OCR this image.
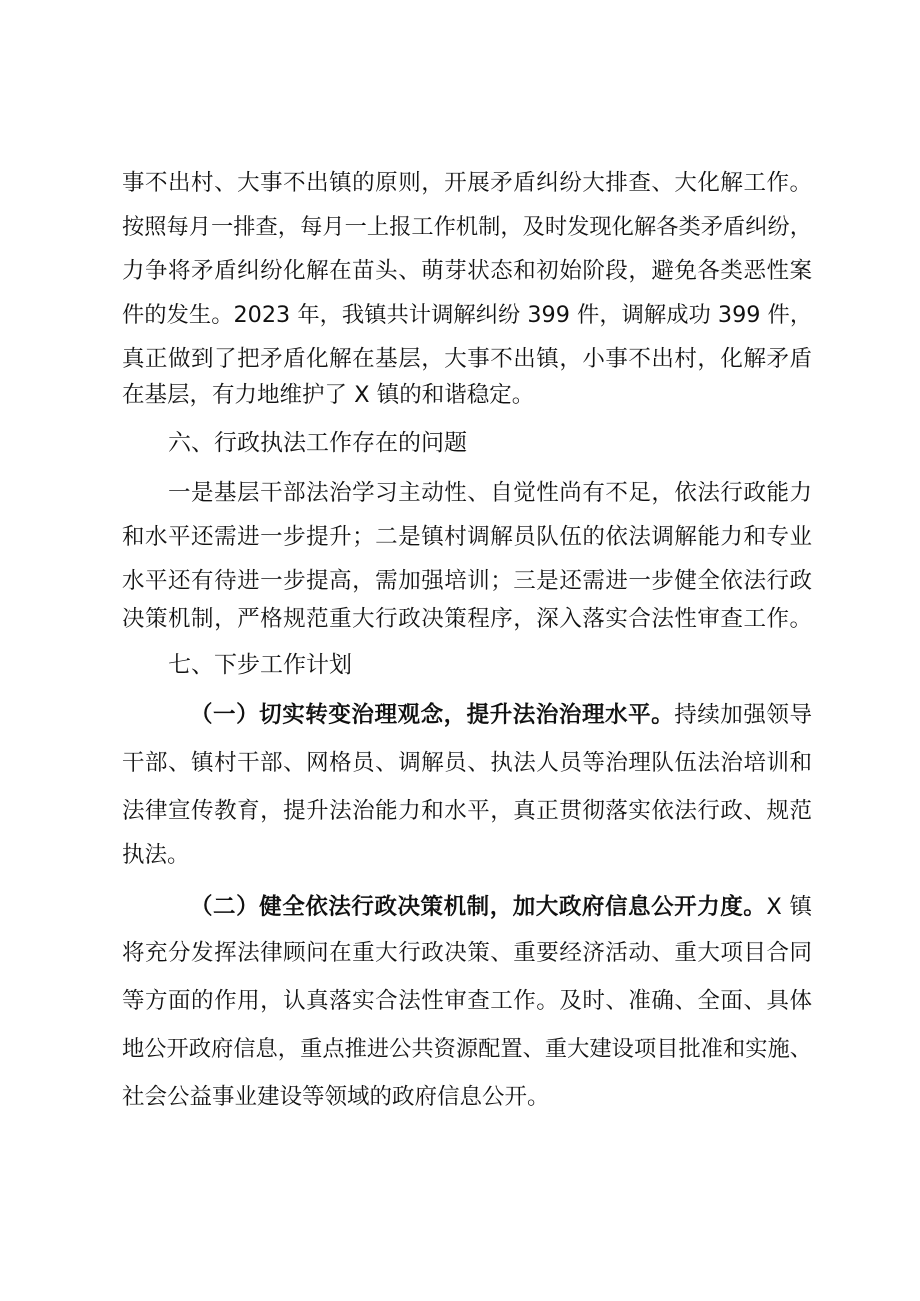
事不出村、大事不出镇的原则，开展矛盾纠纷大排查、大化解工作。
按照每月一排查，每月一上报工作机制，及时发现化解各类矛盾纠纷，
力争将矛盾纠纷化解在苗头、萌芽状态和初始阶段，避免各类恶性案
件的发生。2023 年，我镇共计调解纠纷 399 件，调解成功 399 件，
真正做到了把矛盾化解在基层，大事不出镇，小事不出村，化解矛盾
在基层，有力地维护了 X 镇的和谐稳定。
六、行政执法工作存在的问题
一是基层干部法治学习主动性、自觉性尚有不足，依法行政能力
和水平还需进一步提升；二是镇村调解员队伍的依法调解能力和专业
水平还有待进一步提高，需加强培训；三是还需进一步健全依法行政
决策机制，严格规范重大行政决策程序，深入落实合法性审查工作。
七、下步工作计划
（一）切实转变治理观念，提升法治治理水平。持续加强领导
干部、镇村干部、网格员、调解员、执法人员等治理队伍法治培训和
法律宣传教育，提升法治能力和水平，真正贯彻落实依法行政、规范
执法。
（二）健全依法行政决策机制，加大政府信息公开力度。X 镇
将充分发挥法律顾问在重大行政决策、重要经济活动、重大项目合同
等方面的作用，认真落实合法性审查工作。及时、准确、全面、具体
地公开政府信息，重点推进公共资源配置、重大建设项目批准和实施、
社会公益事业建设等领域的政府信息公开。
